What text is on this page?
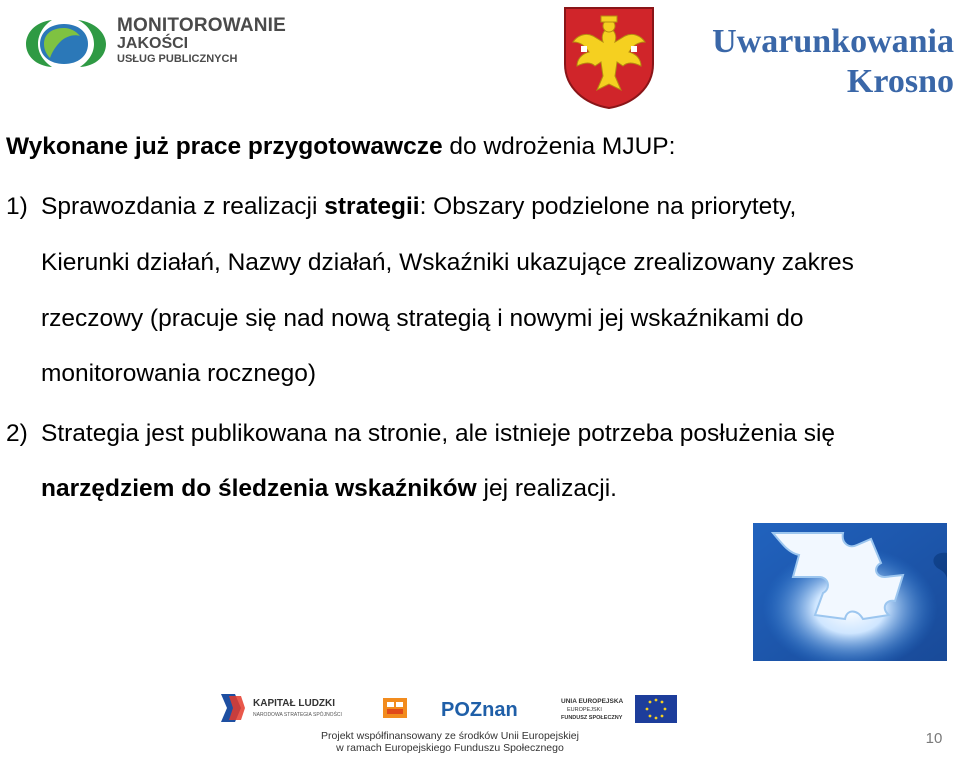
MONITOROWANIE
JAKOŚCI
USŁUG PUBLICZNYCH	Uwarunkowania
Krosno
Wykonane już prace przygotowawcze do wdrożenia MJUP:
1) Sprawozdania z realizacji strategii: Obszary podzielone na priorytety,
Kierunki działań, Nazwy działań, Wskaźniki ukazujące zrealizowany zakres
rzeczowy (pracuje się nad nową strategią i nowymi jej wskaźnikami do
monitorowania rocznego)
2) Strategia jest publikowana na stronie, ale istnieje potrzeba posłużenia się
narzędziem do śledzenia wskaźników jej realizacji.
KAPITAŁ LUDZKI
NARODOWA STRATEGIA SPÓJNOŚCI	POZnan	UNIA EUROPEJSKA
EUROPEJSKI
FUNDUSZ SPOŁECZNY
Projekt współfinansowany ze środków Unii Europejskiej
w ramach Europejskiego Funduszu Społecznego
10
